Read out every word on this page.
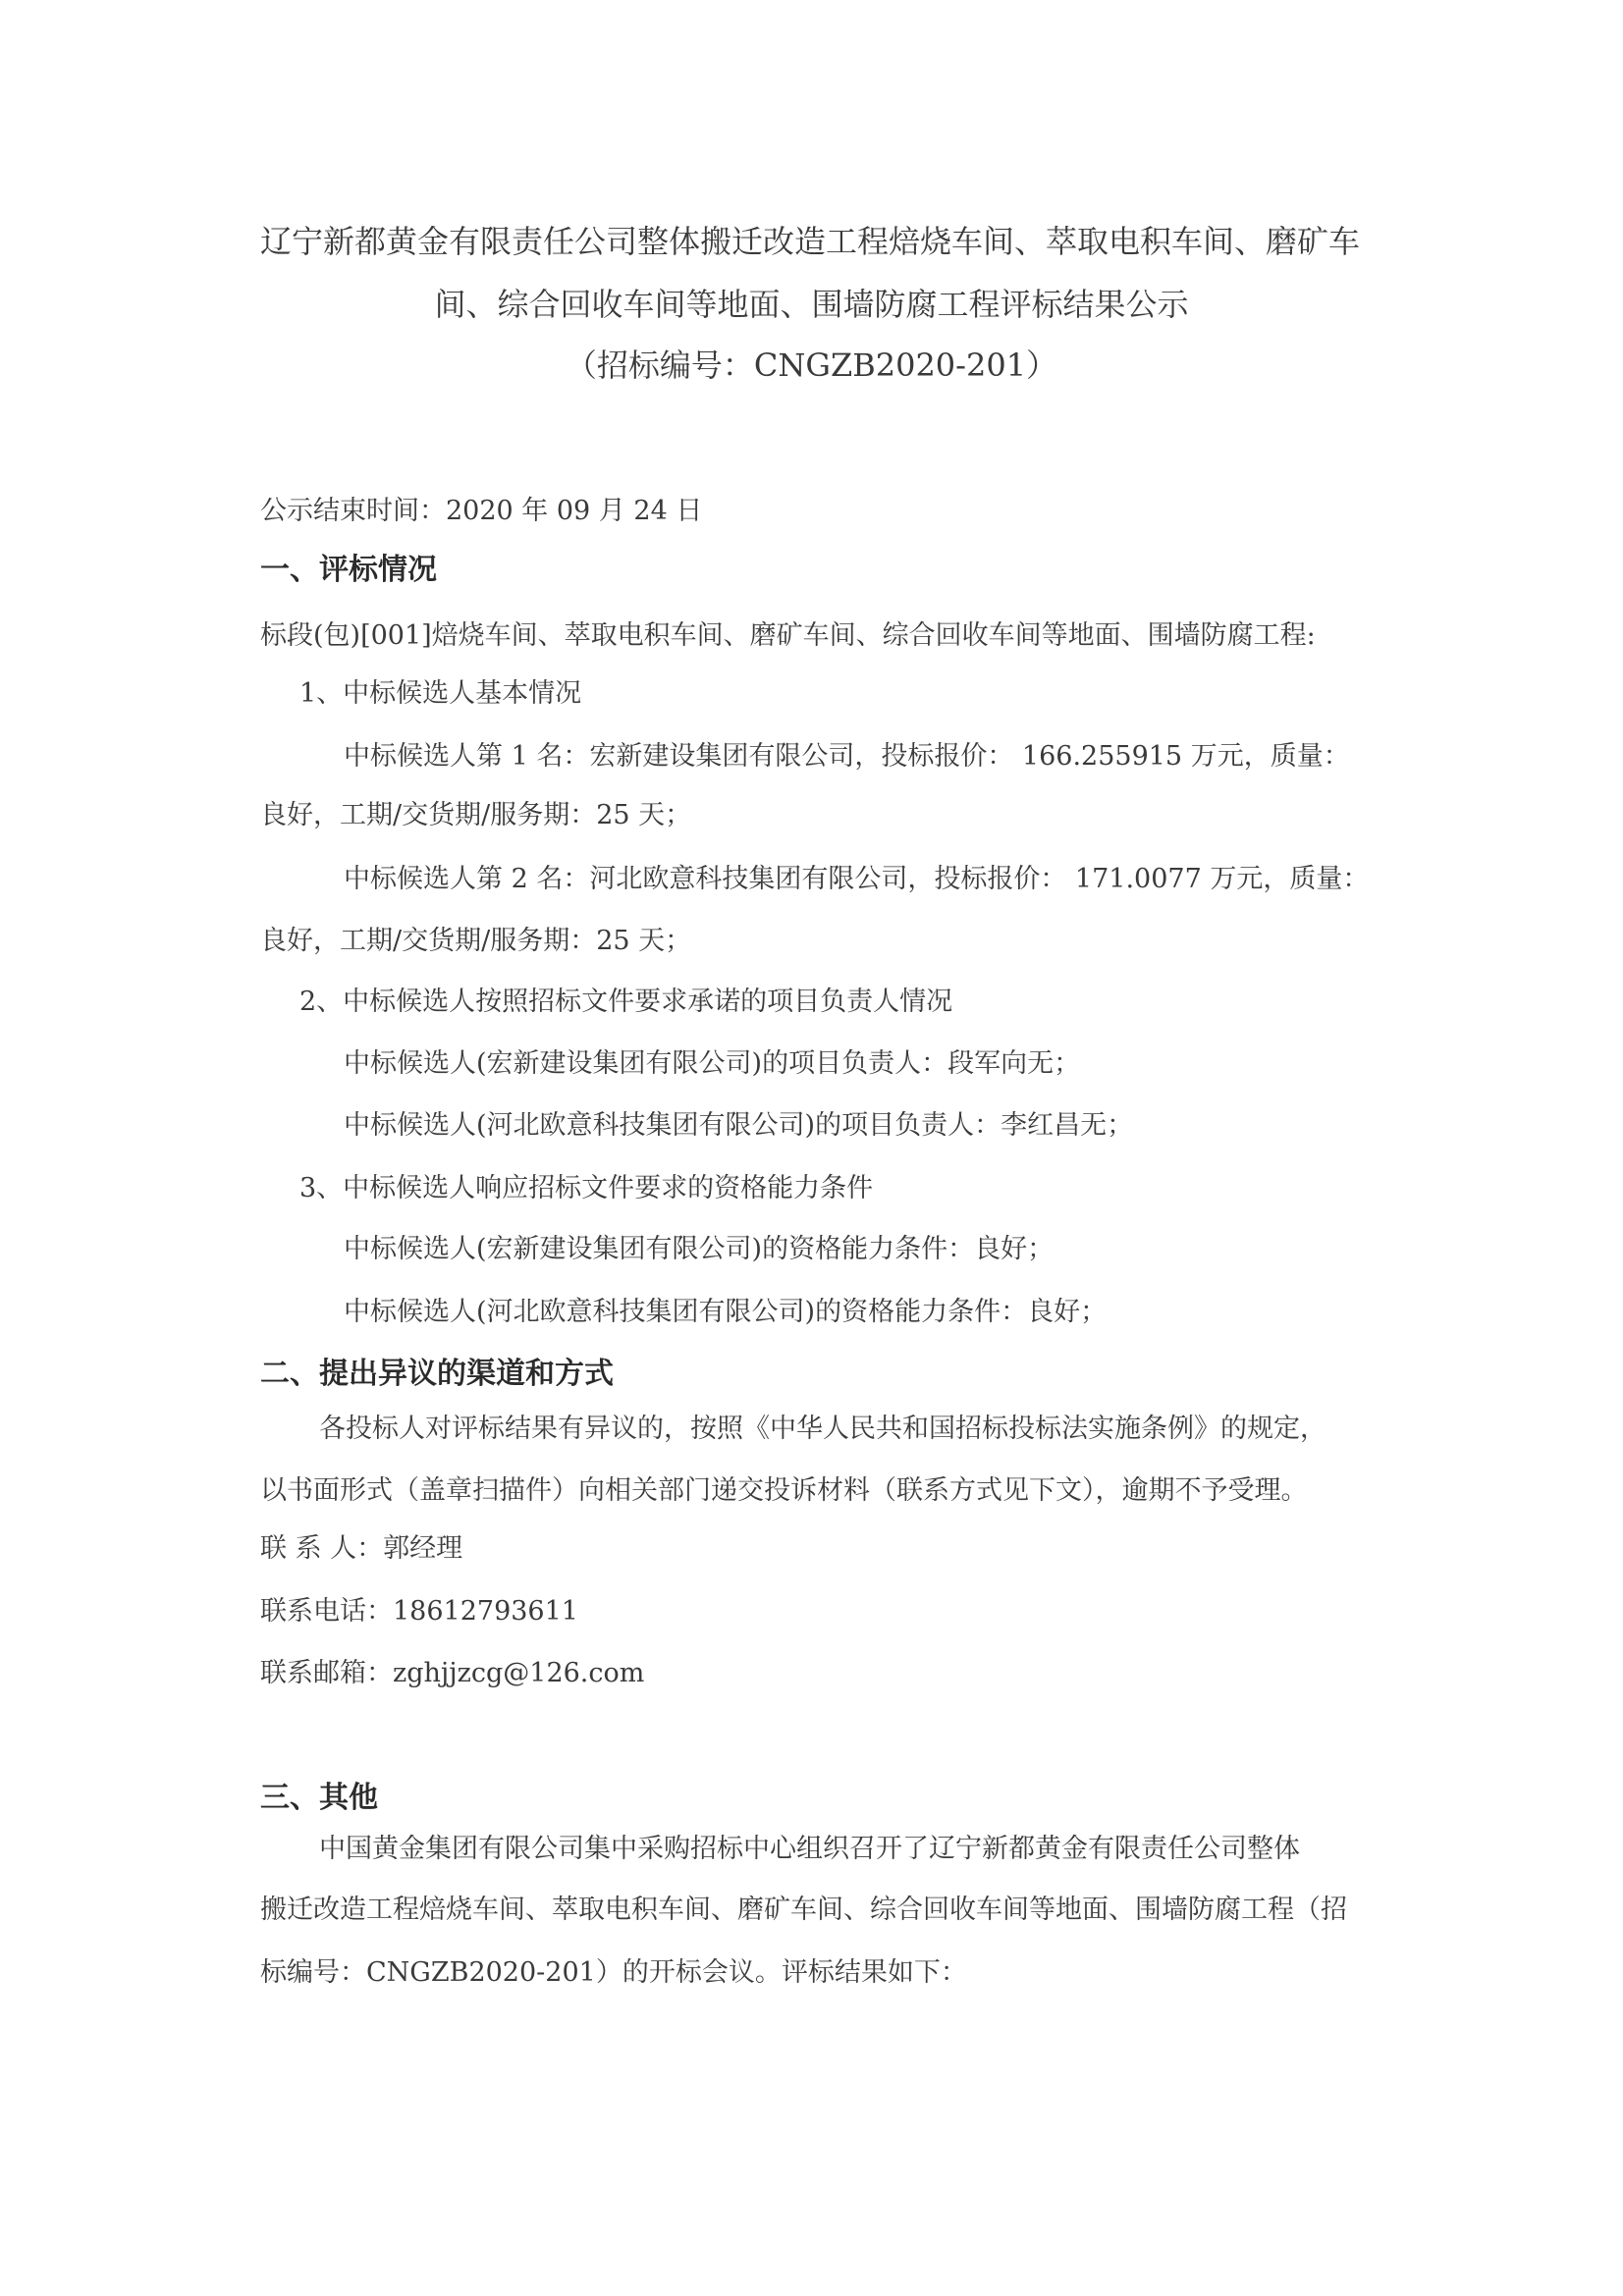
辽宁新都黄金有限责任公司整体搬迁改造工程焙烧车间、萃取电积车间、磨矿车
间、综合回收车间等地面、围墙防腐工程评标结果公示
（招标编号：CNGZB2020-201）
公示结束时间：2020 年 09 月 24 日
一、评标情况
标段(包)[001]焙烧车间、萃取电积车间、磨矿车间、综合回收车间等地面、围墙防腐工程:
1、中标候选人基本情况
中标候选人第 1 名：宏新建设集团有限公司，投标报价： 166.255915 万元，质量：
良好，工期/交货期/服务期：25 天；
中标候选人第 2 名：河北欧意科技集团有限公司，投标报价： 171.0077 万元，质量：
良好，工期/交货期/服务期：25 天；
2、中标候选人按照招标文件要求承诺的项目负责人情况
中标候选人(宏新建设集团有限公司)的项目负责人：段军向无；
中标候选人(河北欧意科技集团有限公司)的项目负责人：李红昌无；
3、中标候选人响应招标文件要求的资格能力条件
中标候选人(宏新建设集团有限公司)的资格能力条件：良好；
中标候选人(河北欧意科技集团有限公司)的资格能力条件：良好；
二、提出异议的渠道和方式
各投标人对评标结果有异议的，按照《中华人民共和国招标投标法实施条例》的规定，
以书面形式（盖章扫描件）向相关部门递交投诉材料（联系方式见下文），逾期不予受理。
联 系 人：郭经理
联系电话：18612793611
联系邮箱：zghjjzcg@126.com
三、其他
中国黄金集团有限公司集中采购招标中心组织召开了辽宁新都黄金有限责任公司整体
搬迁改造工程焙烧车间、萃取电积车间、磨矿车间、综合回收车间等地面、围墙防腐工程（招
标编号：CNGZB2020-201）的开标会议。评标结果如下：
